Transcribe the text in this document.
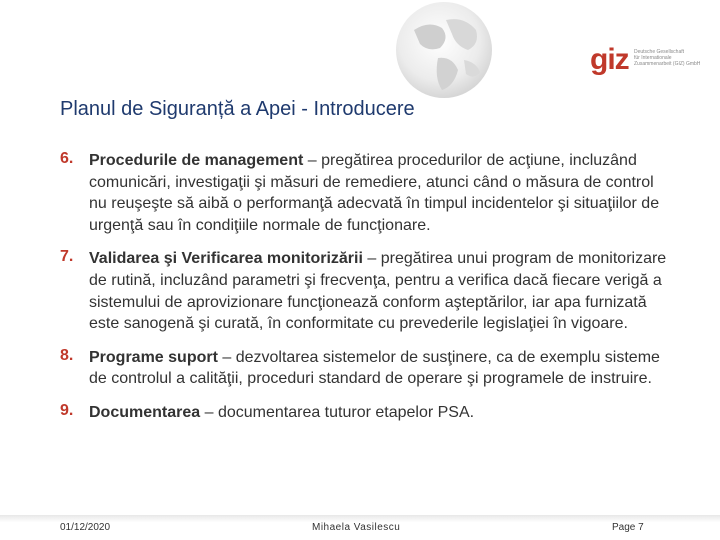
giz Deutsche Gesellschaft
für Internationale
Zusammenarbeit (GIZ) GmbH
Planul de Siguranță a Apei - Introducere
6. Procedurile de management – pregătirea procedurilor de acţiune, incluzând comunicări, investigaţii şi măsuri de remediere, atunci când o măsura de control nu reuşeşte să aibă o performanţă adecvată în timpul incidentelor şi situaţiilor de urgenţă sau în condiţiile normale de funcţionare.
7. Validarea şi Verificarea monitorizării – pregătirea unui program de monitorizare de rutină, incluzând parametri şi frecvenţa, pentru a verifica dacă fiecare verigă a sistemului de aprovizionare funcţionează conform aşteptărilor, iar apa furnizată este sanogenă şi curată, în conformitate cu prevederile legislaţiei în vigoare.
8. Programe suport – dezvoltarea sistemelor de susţinere, ca de exemplu sisteme de controlul a calităţii, proceduri standard de operare şi programele de instruire.
9. Documentarea – documentarea tuturor etapelor PSA.
01/12/2020	Mihaela Vasilescu	Page 7
